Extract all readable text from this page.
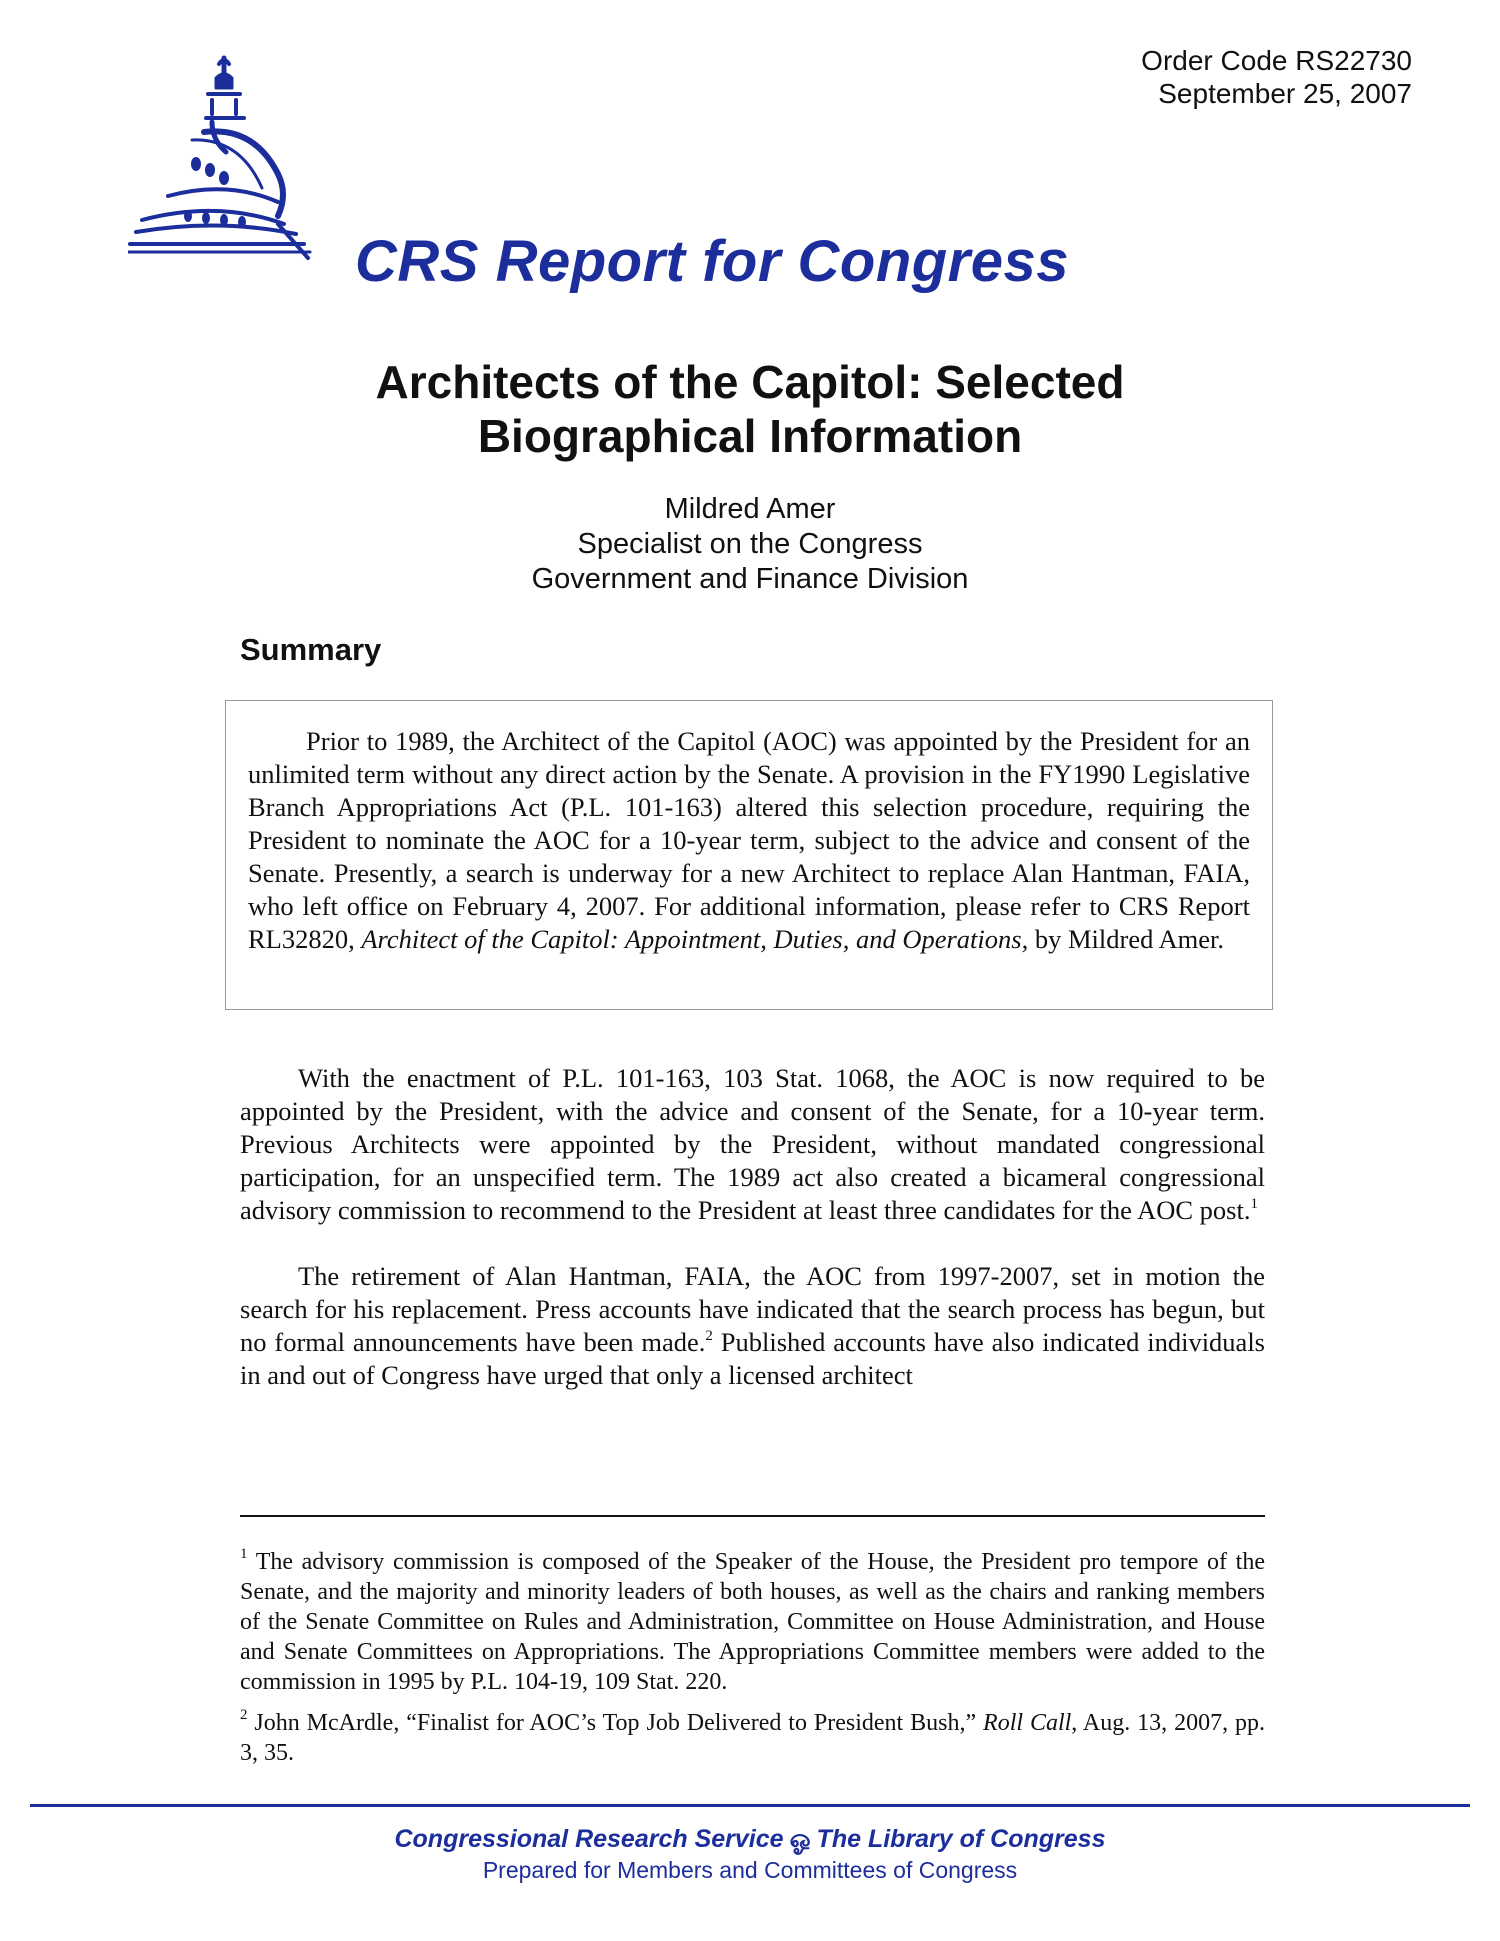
Order Code RS22730
September 25, 2007
CRS Report for Congress
Architects of the Capitol: Selected
Biographical Information
Mildred Amer
Specialist on the Congress
Government and Finance Division
Summary

Prior to 1989, the Architect of the Capitol (AOC) was appointed by the President for an unlimited term without any direct action by the Senate. A provision in the FY1990 Legislative Branch Appropriations Act (P.L. 101-163) altered this selection procedure, requiring the President to nominate the AOC for a 10-year term, subject to the advice and consent of the Senate. Presently, a search is underway for a new Architect to replace Alan Hantman, FAIA, who left office on February 4, 2007. For additional information, please refer to CRS Report RL32820, Architect of the Capitol: Appointment, Duties, and Operations, by Mildred Amer.

With the enactment of P.L. 101-163, 103 Stat. 1068, the AOC is now required to be appointed by the President, with the advice and consent of the Senate, for a 10-year term. Previous Architects were appointed by the President, without mandated congressional participation, for an unspecified term. The 1989 act also created a bicameral congressional advisory commission to recommend to the President at least three candidates for the AOC post.$^1$

The retirement of Alan Hantman, FAIA, the AOC from 1997-2007, set in motion the search for his replacement. Press accounts have indicated that the search process has begun, but no formal announcements have been made.$^2$ Published accounts have also indicated individuals in and out of Congress have urged that only a licensed architect

$^1$ The advisory commission is composed of the Speaker of the House, the President pro tempore of the Senate, and the majority and minority leaders of both houses, as well as the chairs and ranking members of the Senate Committee on Rules and Administration, Committee on House Administration, and House and Senate Committees on Appropriations. The Appropriations Committee members were added to the commission in 1995 by P.L. 104-19, 109 Stat. 220.

$^2$ John McArdle, “Finalist for AOC’s Top Job Delivered to President Bush,” Roll Call, Aug. 13, 2007, pp. 3, 35.

Congressional Research Service ஓ The Library of Congress
Prepared for Members and Committees of Congress
